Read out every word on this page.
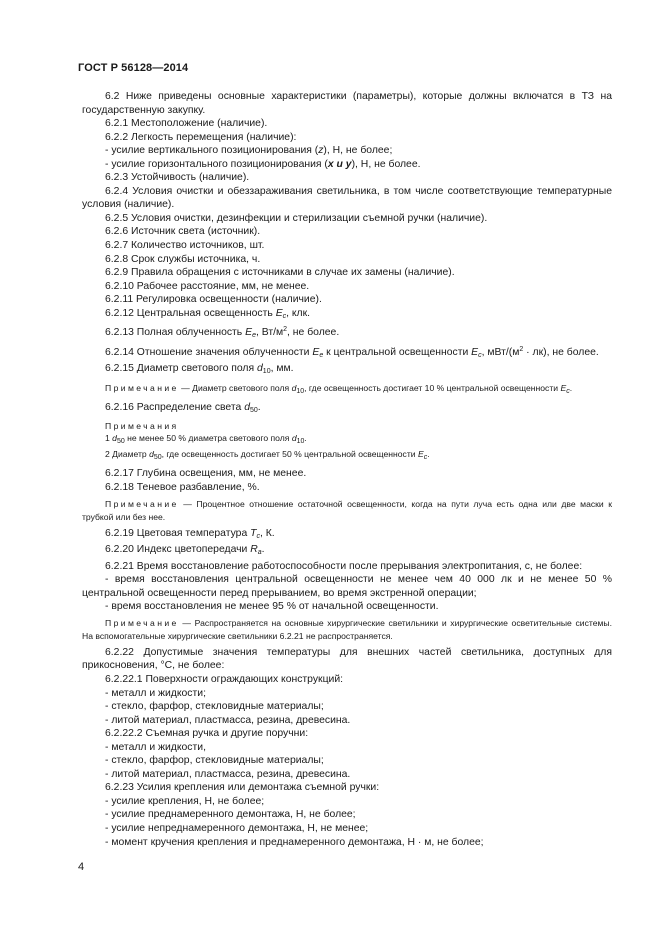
ГОСТ Р 56128—2014

6.2 Ниже приведены основные характеристики (параметры), которые должны включатся в ТЗ на государственную закупку.

6.2.1 Местоположение (наличие).

6.2.2 Легкость перемещения (наличие):

- усилие вертикального позиционирования (z), Н, не более;

- усилие горизонтального позиционирования (x и y), Н, не более.

6.2.3 Устойчивость (наличие).

6.2.4 Условия очистки и обеззараживания светильника, в том числе соответствующие температурные условия (наличие).

6.2.5 Условия очистки, дезинфекции и стерилизации съемной ручки (наличие).

6.2.6 Источник света (источник).

6.2.7 Количество источников, шт.

6.2.8 Срок службы источника, ч.

6.2.9 Правила обращения с источниками в случае их замены (наличие).

6.2.10 Рабочее расстояние, мм, не менее.

6.2.11 Регулировка освещенности (наличие).

6.2.12 Центральная освещенность $E_c$, клк.

6.2.13 Полная облученность $E_e$, $Вт/м^2$, не более.

6.2.14 Отношение значения облученности $E_e$ к центральной освещенности $E_c$, мВт/$(м^2 \cdot лк)$, не более.

6.2.15 Диаметр светового поля $d_{10}$, мм.

Примечание — Диаметр светового поля $d_{10}$, где освещенность достигает 10 % центральной освещенности $E_c$.

6.2.16 Распределение света $d_{50}$.

Примечания

1 $d_{50}$ не менее 50 % диаметра светового поля $d_{10}$.

2 Диаметр $d_{50}$, где освещенность достигает 50 % центральной освещенности $E_c$.

6.2.17 Глубина освещения, мм, не менее.

6.2.18 Теневое разбавление, %.

Примечание — Процентное отношение остаточной освещенности, когда на пути луча есть одна или две маски к трубкой или без нее.

6.2.19 Цветовая температура $T_c$, К.

6.2.20 Индекс цветопередачи $R_a$.

6.2.21 Время восстановление работоспособности после прерывания электропитания, с, не более:

- время восстановления центральной освещенности не менее чем 40 000 лк и не менее 50 % центральной освещенности перед прерыванием, во время экстренной операции;

- время восстановления не менее 95 % от начальной освещенности.

Примечание — Распространяется на основные хирургические светильники и хирургические осветительные системы. На вспомогательные хирургические светильники 6.2.21 не распространяется.

6.2.22 Допустимые значения температуры для внешних частей светильника, доступных для прикосновения, °С, не более:

6.2.22.1 Поверхности ограждающих конструкций:

- металл и жидкости;

- стекло, фарфор, стекловидные материалы;

- литой материал, пластмасса, резина, древесина.

6.2.22.2 Съемная ручка и другие поручни:

- металл и жидкости,

- стекло, фарфор, стекловидные материалы;

- литой материал, пластмасса, резина, древесина.

6.2.23 Усилия крепления или демонтажа съемной ручки:

- усилие крепления, Н, не более;

- усилие преднамеренного демонтажа, Н, не более;

- усилие непреднамеренного демонтажа, Н, не менее;

- момент кручения крепления и преднамеренного демонтажа, Н · м, не более;

4
